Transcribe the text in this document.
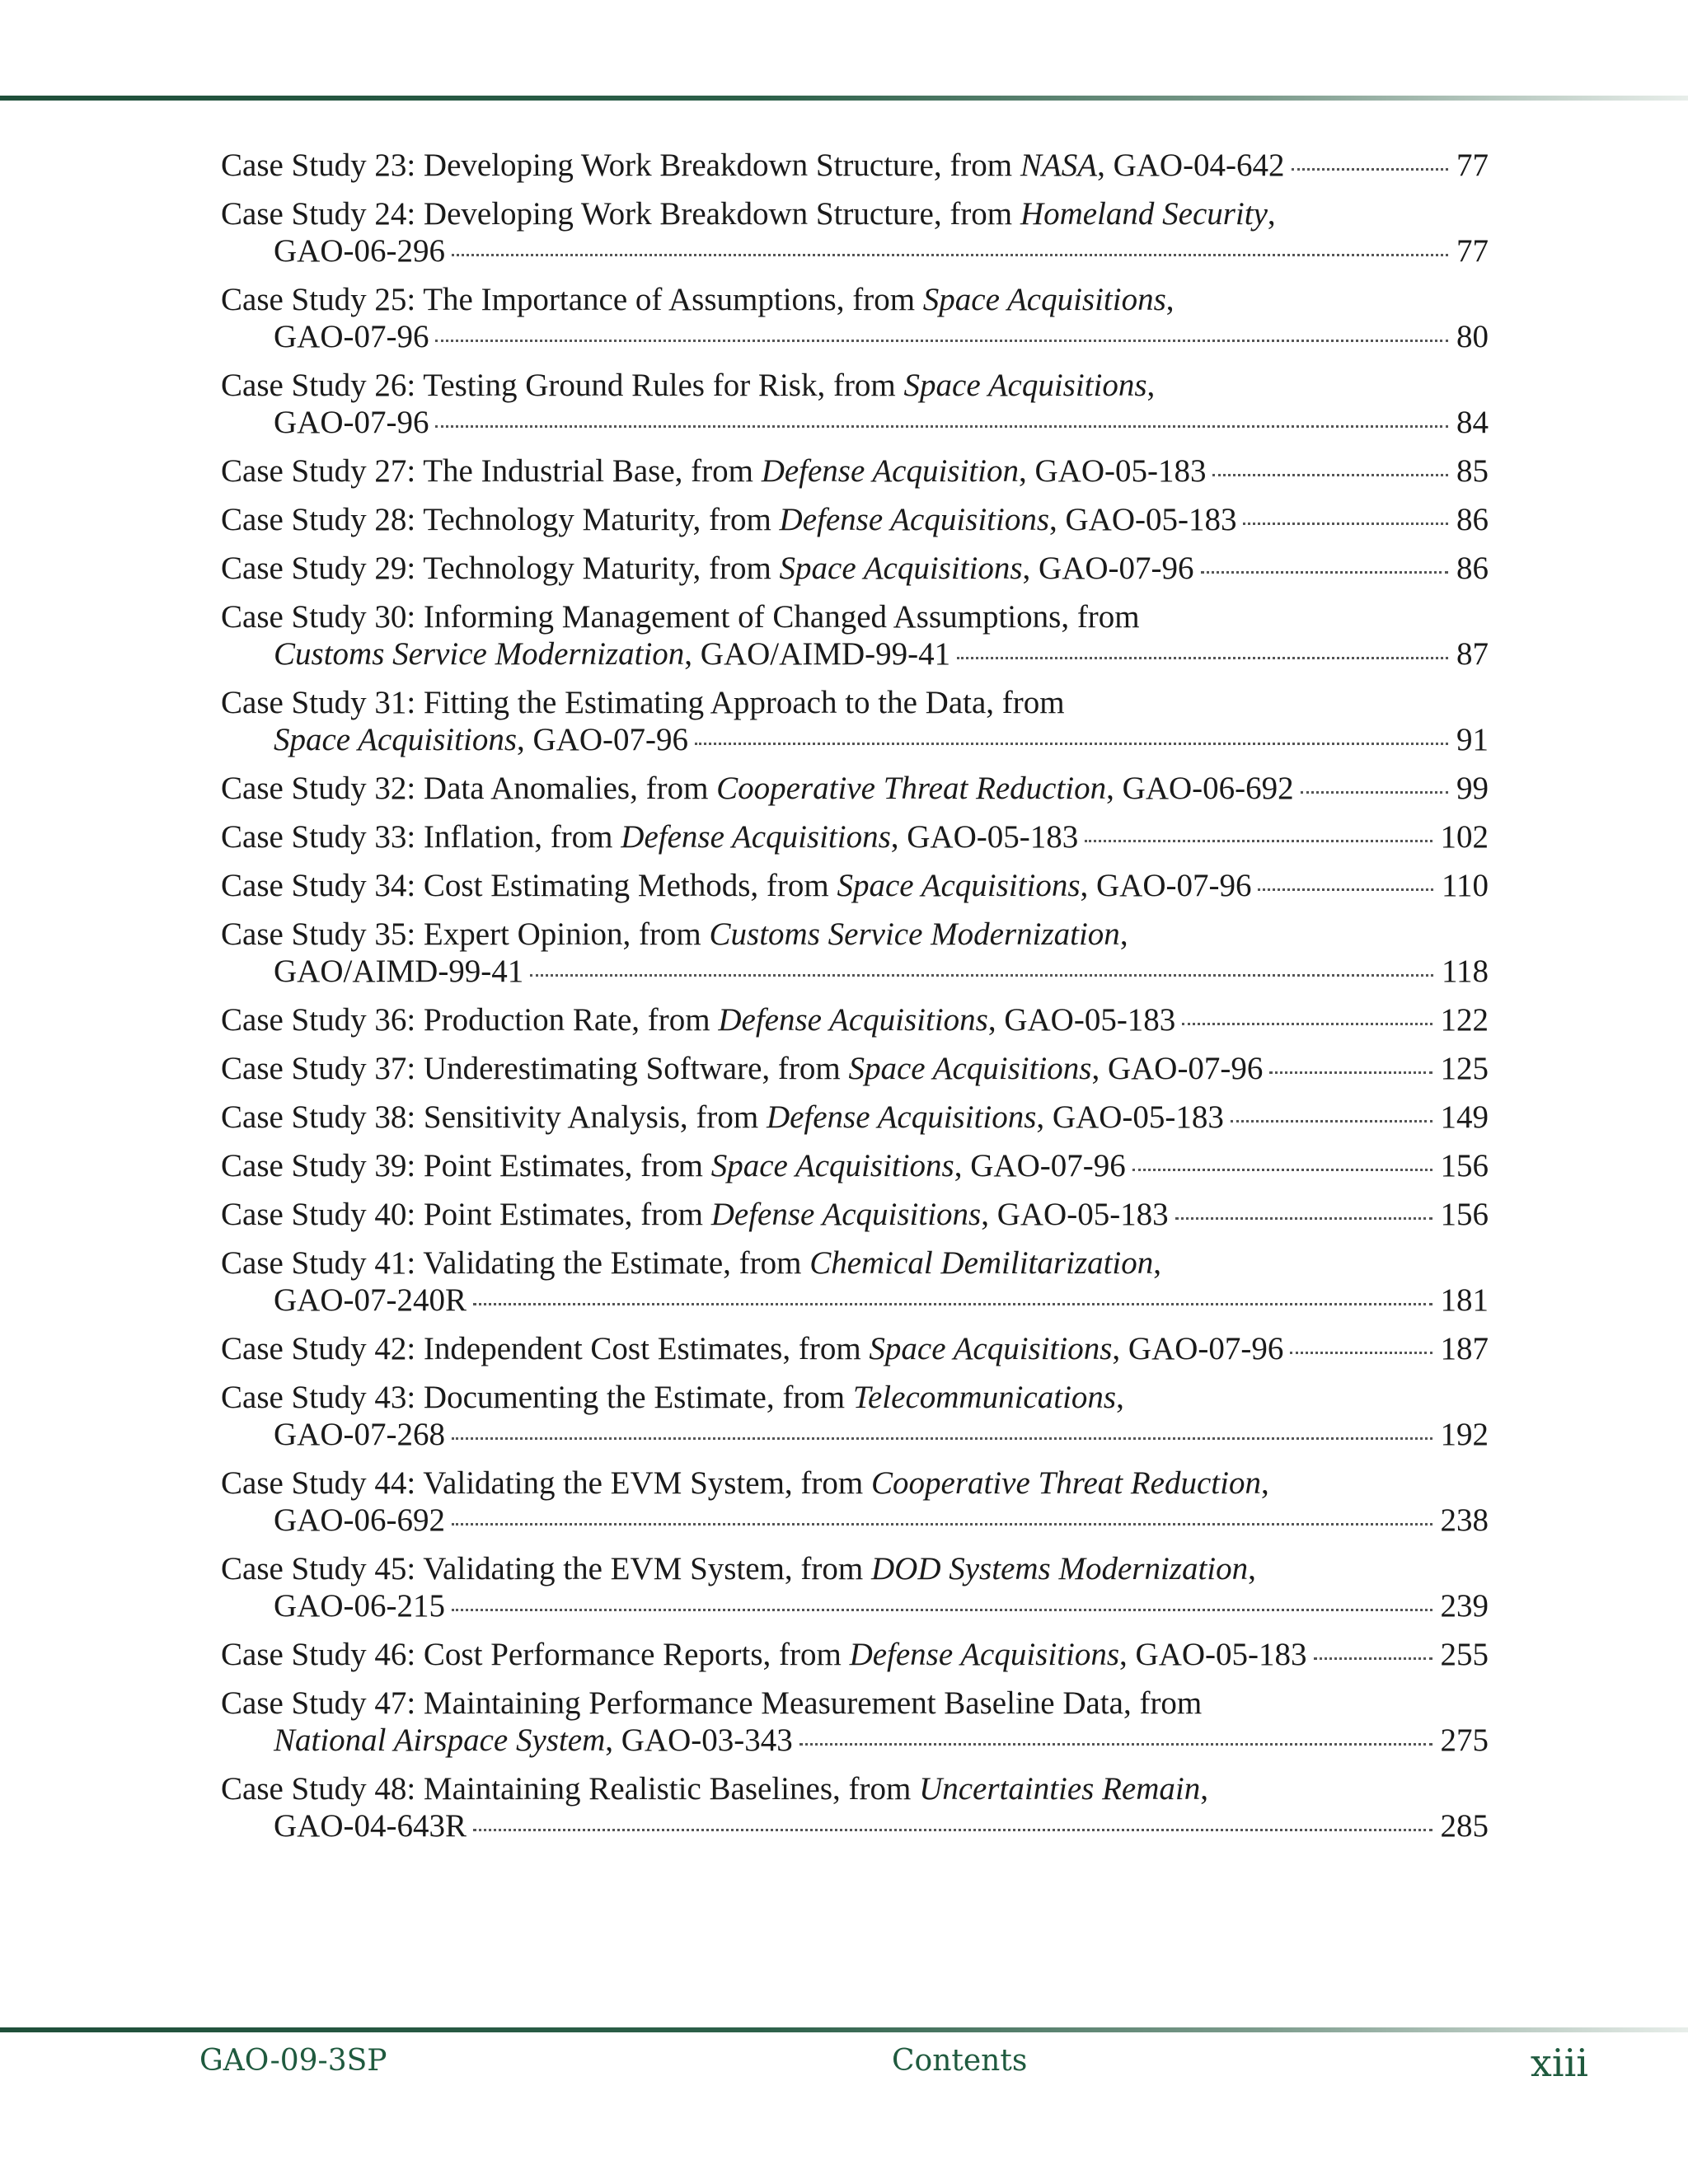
Case Study 23: Developing Work Breakdown Structure, from NASA, GAO-04-642	77
Case Study 24: Developing Work Breakdown Structure, from Homeland Security,
GAO-06-296	77
Case Study 25: The Importance of Assumptions, from Space Acquisitions,
GAO-07-96	80
Case Study 26: Testing Ground Rules for Risk, from Space Acquisitions,
GAO-07-96	84
Case Study 27: The Industrial Base, from Defense Acquisition, GAO-05-183	85
Case Study 28: Technology Maturity, from Defense Acquisitions, GAO-05-183	86
Case Study 29: Technology Maturity, from Space Acquisitions, GAO-07-96	86
Case Study 30: Informing Management of Changed Assumptions, from
Customs Service Modernization, GAO/AIMD-99-41	87
Case Study 31: Fitting the Estimating Approach to the Data, from
Space Acquisitions, GAO-07-96	91
Case Study 32: Data Anomalies, from Cooperative Threat Reduction, GAO-06-692	99
Case Study 33: Inflation, from Defense Acquisitions, GAO-05-183	102
Case Study 34: Cost Estimating Methods, from Space Acquisitions, GAO-07-96	110
Case Study 35: Expert Opinion, from Customs Service Modernization,
GAO/AIMD-99-41	118
Case Study 36: Production Rate, from Defense Acquisitions, GAO-05-183	122
Case Study 37: Underestimating Software, from Space Acquisitions, GAO-07-96	125
Case Study 38: Sensitivity Analysis, from Defense Acquisitions, GAO-05-183	149
Case Study 39: Point Estimates, from Space Acquisitions, GAO-07-96	156
Case Study 40: Point Estimates, from Defense Acquisitions, GAO-05-183	156
Case Study 41: Validating the Estimate, from Chemical Demilitarization,
GAO-07-240R	181
Case Study 42: Independent Cost Estimates, from Space Acquisitions, GAO-07-96	187
Case Study 43: Documenting the Estimate, from Telecommunications,
GAO-07-268	192
Case Study 44: Validating the EVM System, from Cooperative Threat Reduction,
GAO-06-692	238
Case Study 45: Validating the EVM System, from DOD Systems Modernization,
GAO-06-215	239
Case Study 46: Cost Performance Reports, from Defense Acquisitions, GAO-05-183	255
Case Study 47: Maintaining Performance Measurement Baseline Data, from
National Airspace System, GAO-03-343	275
Case Study 48: Maintaining Realistic Baselines, from Uncertainties Remain,
GAO-04-643R	285
GAO-09-3SP	Contents	xiii
